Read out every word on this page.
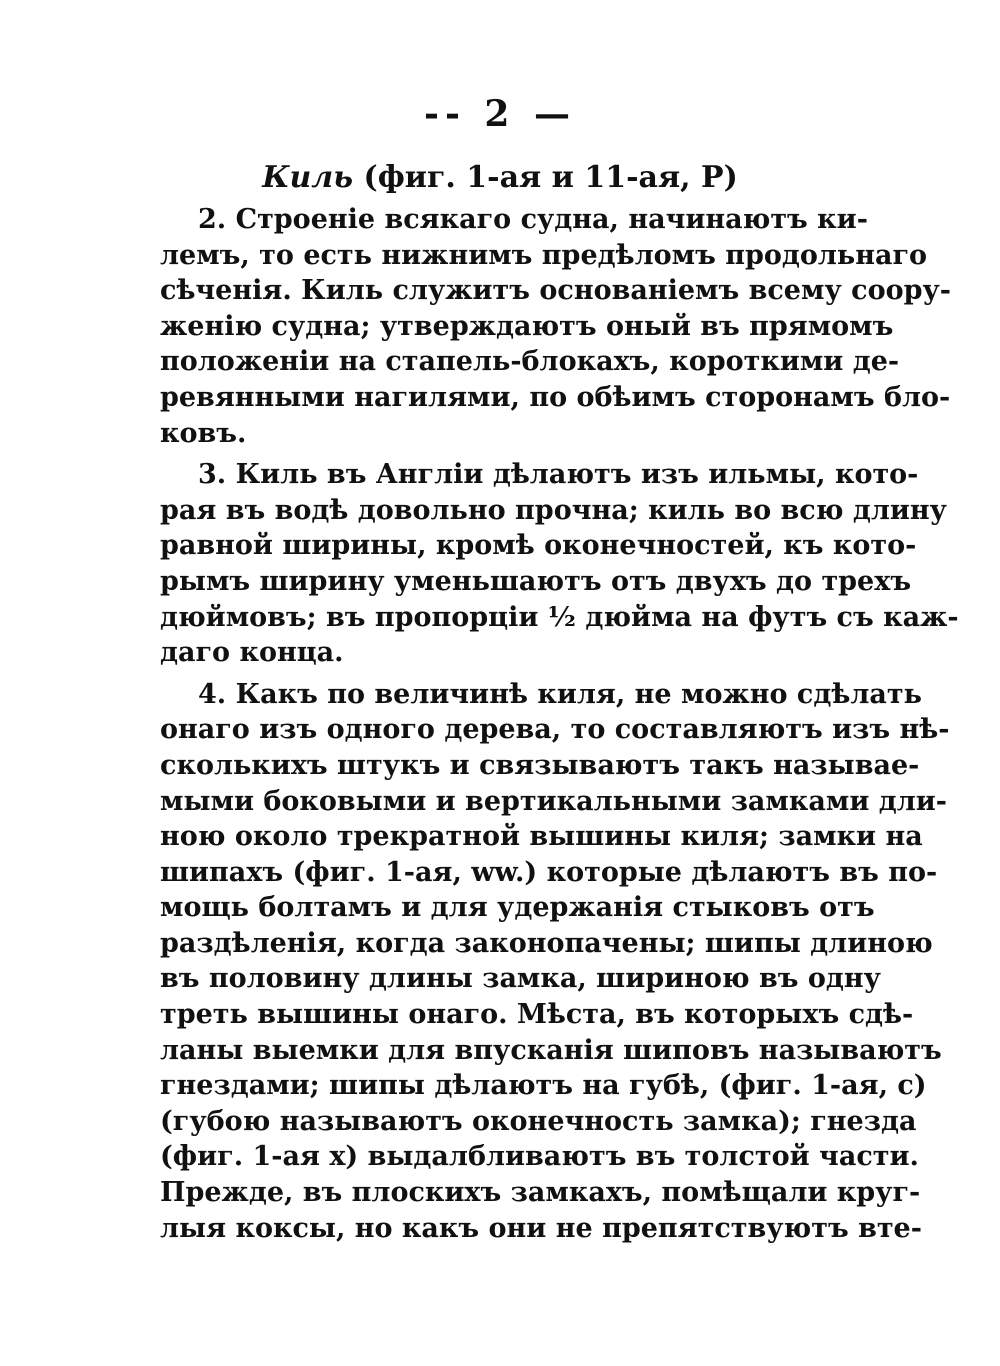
-- 2 —
Киль (фиг. 1-ая и 11-ая, Р)
2. Строеніе всякаго судна, начинаютъ ки-
лемъ, то есть нижнимъ предѣломъ продольнаго
сѣченія. Киль служитъ основаніемъ всему соору-
женію судна; утверждаютъ оный въ прямомъ
положеніи на стапель-блокахъ, короткими де-
ревянными нагилями, по обѣимъ сторонамъ бло-
ковъ.
3. Киль въ Англіи дѣлаютъ изъ ильмы, кото-
рая въ водѣ довольно прочна; киль во всю длину
равной ширины, кромѣ оконечностей, къ кото-
рымъ ширину уменьшаютъ отъ двухъ до трехъ
дюймовъ; въ пропорціи ½ дюйма на футъ съ каж-
даго конца.
4. Какъ по величинѣ киля, не можно сдѣлать
онаго изъ одного дерева, то составляютъ изъ нѣ-
сколькихъ штукъ и связываютъ такъ называе-
мыми боковыми и вертикальными замками дли-
ною около трекратной вышины киля; замки на
шипахъ (фиг. 1-ая, ww.) которые дѣлаютъ въ по-
мощь болтамъ и для удержанія стыковъ отъ
раздѣленія, когда законопачены; шипы длиною
въ половину длины замка, шириною въ одну
треть вышины онаго. Мѣста, въ которыхъ сдѣ-
ланы выемки для впусканія шиповъ называютъ
гнездами; шипы дѣлаютъ на губѣ, (фиг. 1-ая, с)
(губою называютъ оконечность замка); гнезда
(фиг. 1-ая х) выдалбливаютъ въ толстой части.
Прежде, въ плоскихъ замкахъ, помѣщали круг-
лыя коксы, но какъ они не препятствуютъ вте-
